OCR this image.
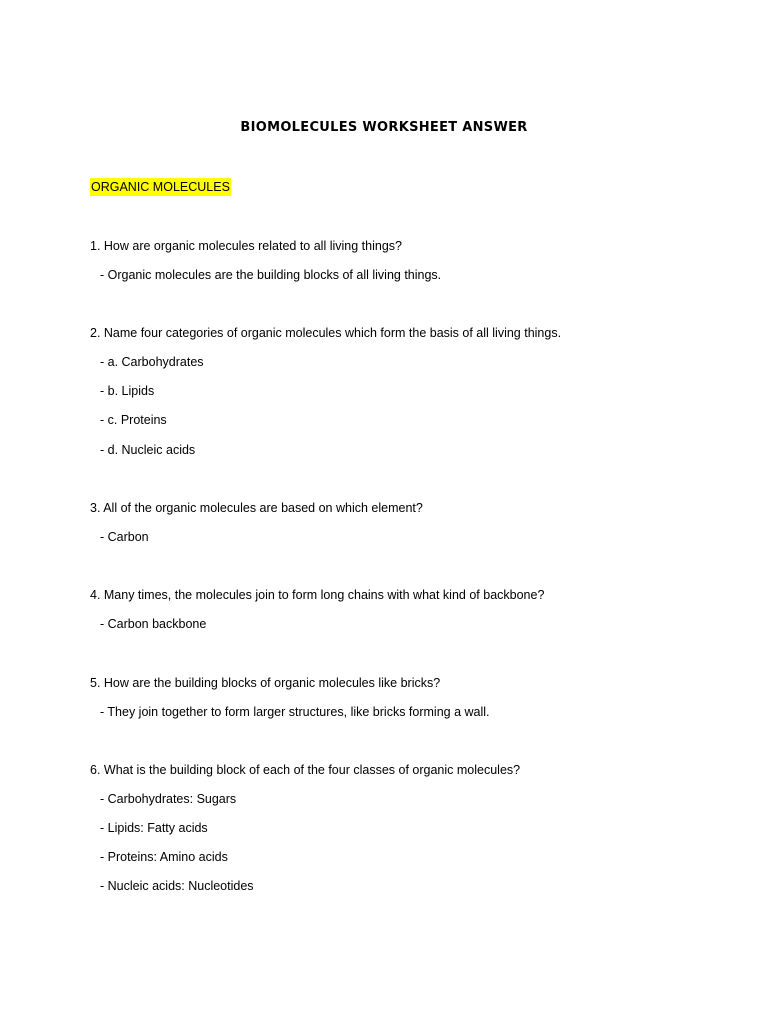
BIOMOLECULES WORKSHEET ANSWER
ORGANIC MOLECULES
1. How are organic molecules related to all living things?
- Organic molecules are the building blocks of all living things.
2. Name four categories of organic molecules which form the basis of all living things.
- a. Carbohydrates
- b. Lipids
- c. Proteins
- d. Nucleic acids
3. All of the organic molecules are based on which element?
- Carbon
4. Many times, the molecules join to form long chains with what kind of backbone?
- Carbon backbone
5. How are the building blocks of organic molecules like bricks?
- They join together to form larger structures, like bricks forming a wall.
6. What is the building block of each of the four classes of organic molecules?
- Carbohydrates: Sugars
- Lipids: Fatty acids
- Proteins: Amino acids
- Nucleic acids: Nucleotides
